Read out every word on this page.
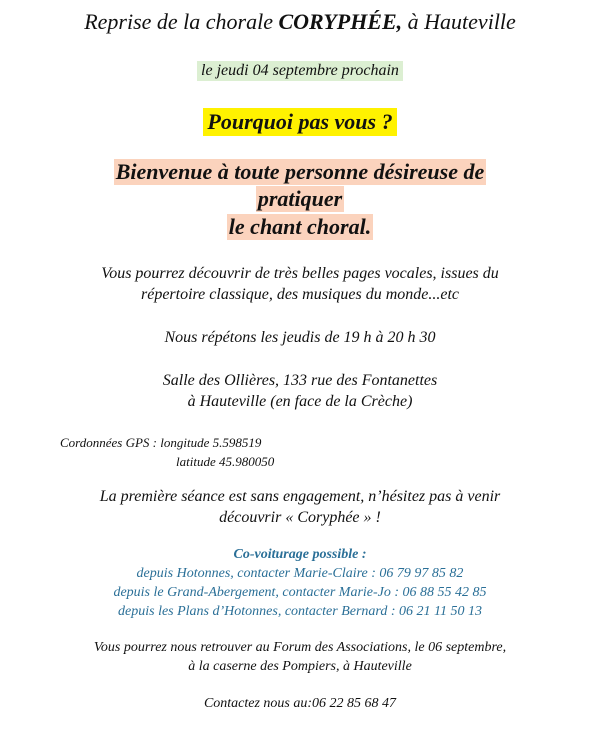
Reprise de la chorale CORYPHÉE, à Hauteville
le jeudi 04 septembre prochain
Pourquoi pas vous ?
Bienvenue à toute personne désireuse de
pratiquer
le chant choral.
Vous pourrez découvrir de très belles pages vocales, issues du
répertoire classique, des musiques du monde...etc
Nous répétons les jeudis de 19 h à 20 h 30
Salle des Ollières, 133 rue des Fontanettes
à Hauteville (en face de la Crèche)
Cordonnées GPS : longitude 5.598519
latitude 45.980050
La première séance est sans engagement, n’hésitez pas à venir
découvrir « Coryphée » !
Co-voiturage possible :
depuis Hotonnes, contacter Marie-Claire : 06 79 97 85 82
depuis le Grand-Abergement, contacter Marie-Jo : 06 88 55 42 85
depuis les Plans d’Hotonnes, contacter Bernard : 06 21 11 50 13
Vous pourrez nous retrouver au Forum des Associations, le 06 septembre,
à la caserne des Pompiers, à Hauteville
Contactez nous au:06 22 85 68 47
